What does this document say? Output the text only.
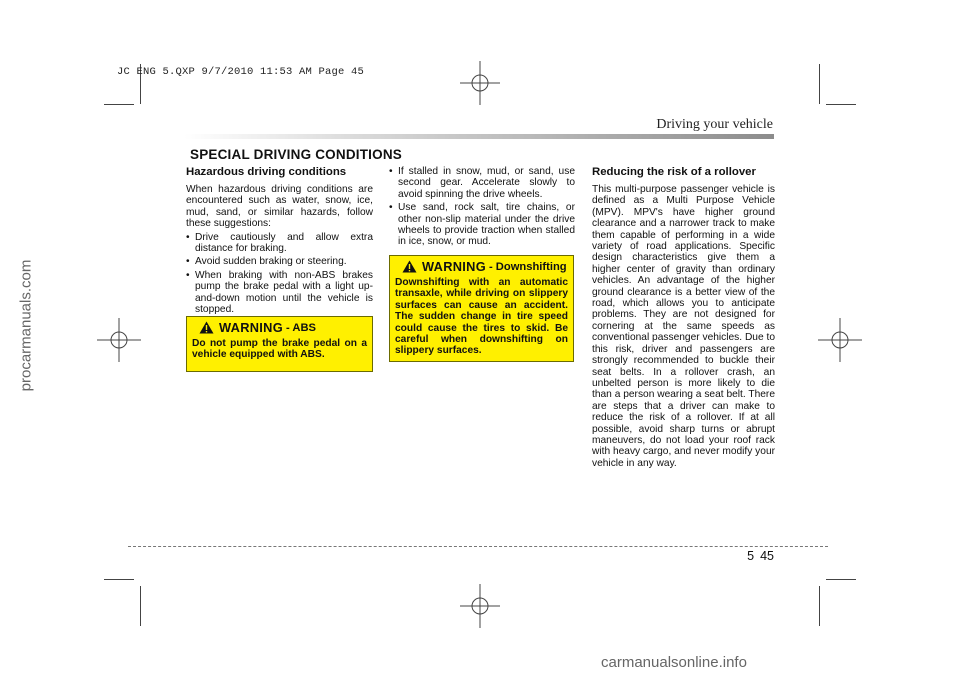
JC ENG 5.QXP 9/7/2010 11:53 AM Page 45
Driving your vehicle
SPECIAL DRIVING CONDITIONS
Hazardous driving conditions

When hazardous driving conditions are encountered such as water, snow, ice, mud, sand, or similar hazards, follow these suggestions:

• Drive cautiously and allow extra distance for braking.
• Avoid sudden braking or steering.
• When braking with non-ABS brakes pump the brake pedal with a light up-and-down motion until the vehicle is stopped.
WARNING - ABS
Do not pump the brake pedal on a vehicle equipped with ABS.
• If stalled in snow, mud, or sand, use second gear. Accelerate slowly to avoid spinning the drive wheels.
• Use sand, rock salt, tire chains, or other non-slip material under the drive wheels to provide traction when stalled in ice, snow, or mud.
WARNING - Downshifting
Downshifting with an automatic transaxle, while driving on slippery surfaces can cause an accident. The sudden change in tire speed could cause the tires to skid. Be careful when downshifting on slippery surfaces.
Reducing the risk of a rollover

This multi-purpose passenger vehicle is defined as a Multi Purpose Vehicle (MPV). MPV's have higher ground clearance and a narrower track to make them capable of performing in a wide variety of road applications. Specific design characteristics give them a higher center of gravity than ordinary vehicles. An advantage of the higher ground clearance is a better view of the road, which allows you to anticipate problems. They are not designed for cornering at the same speeds as conventional passenger vehicles. Due to this risk, driver and passengers are strongly recommended to buckle their seat belts. In a rollover crash, an unbelted person is more likely to die than a person wearing a seat belt. There are steps that a driver can make to reduce the risk of a rollover. If at all possible, avoid sharp turns or abrupt maneuvers, do not load your roof rack with heavy cargo, and never modify your vehicle in any way.

5 45
procarmanuals.com
carmanualsonline.info
